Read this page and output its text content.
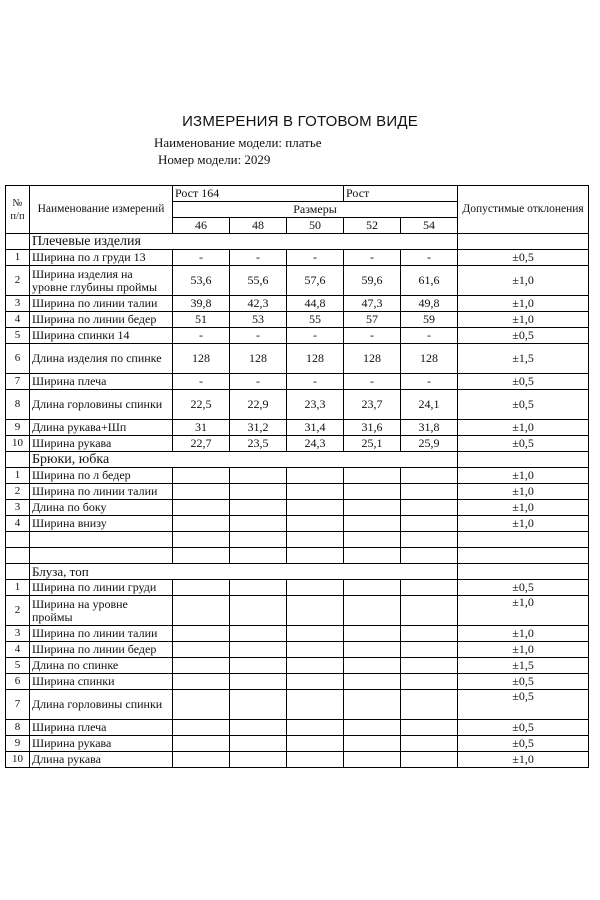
ИЗМЕРЕНИЯ В ГОТОВОМ ВИДЕ
Наименование модели: платье
Номер модели: 2029
№ п/п	Наименование измерений	Рост 164			Рост		Допустимые отклонения
		Размеры					
		46	48	50	52	54	
	Плечевые изделия						
1	Ширина по л груди 13	-	-	-	-	-	±0,5
2	Ширина изделия на уровне глубины проймы	53,6	55,6	57,6	59,6	61,6	±1,0
3	Ширина по линии талии	39,8	42,3	44,8	47,3	49,8	±1,0
4	Ширина по линии бедер	51	53	55	57	59	±1,0
5	Ширина спинки 14	-	-	-	-	-	±0,5
6	Длина изделия по спинке	128	128	128	128	128	±1,5
7	Ширина плеча	-	-	-	-	-	±0,5
8	Длина горловины спинки	22,5	22,9	23,3	23,7	24,1	±0,5
9	Длина рукава+Шп	31	31,2	31,4	31,6	31,8	±1,0
10	Ширина рукава	22,7	23,5	24,3	25,1	25,9	±0,5
	Брюки, юбка						
1	Ширина по л бедер						±1,0
2	Ширина по линии талии						±1,0
3	Длина по боку						±1,0
4	Ширина внизу						±1,0

	Блуза, топ						
1	Ширина по линии груди						±0,5
2	Ширина на уровне проймы						±1,0
3	Ширина по линии талии						±1,0
4	Ширина по линии бедер						±1,0
5	Длина по спинке						±1,5
6	Ширина спинки						±0,5
7	Длина горловины спинки						±0,5
8	Ширина плеча						±0,5
9	Ширина рукава						±0,5
10	Длина рукава						±1,0
